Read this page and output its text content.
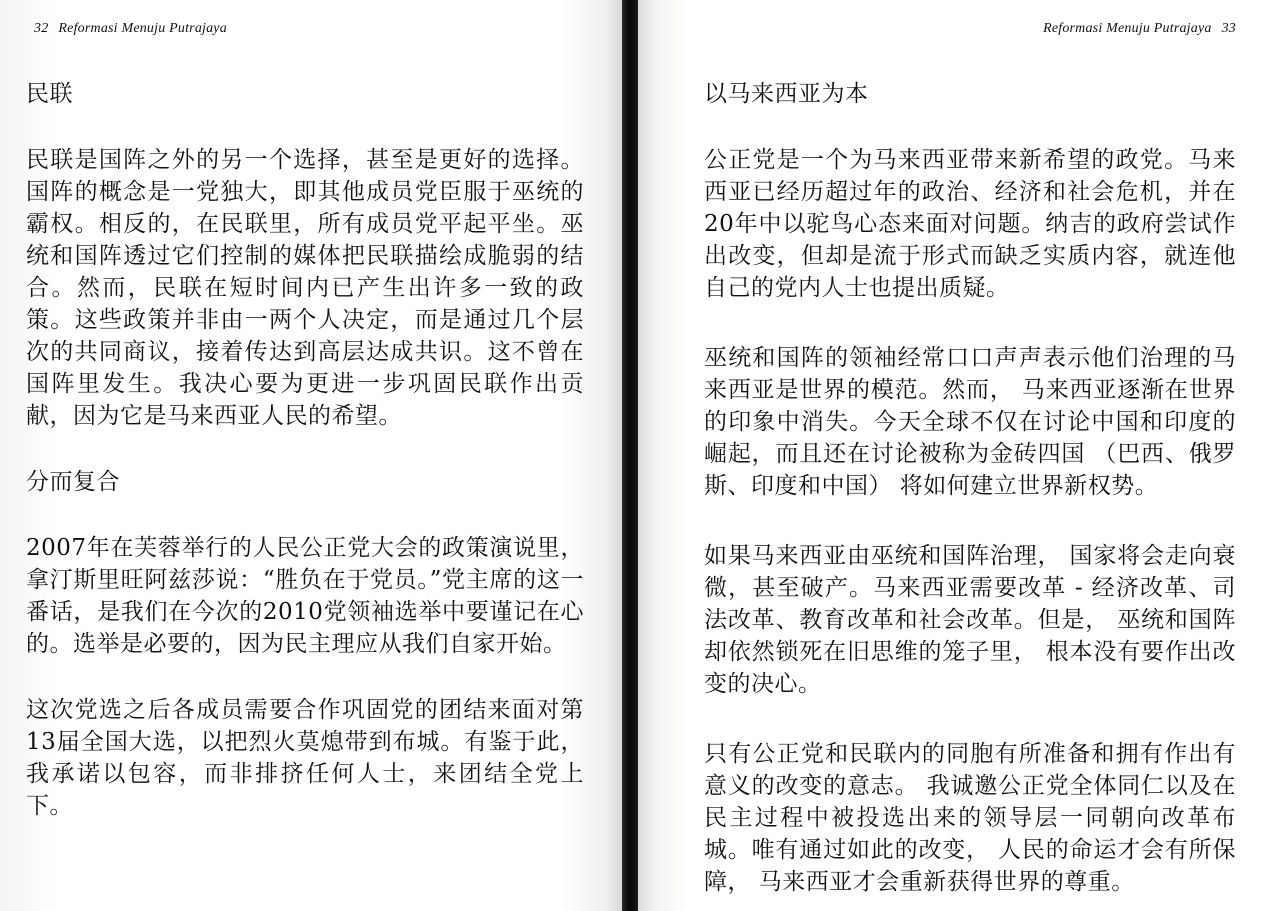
32 Reformasi Menuju Putrajaya
民联

民联是国阵之外的另一个选择，甚至是更好的选择。国阵的概念是一党独大，即其他成员党臣服于巫统的霸权。相反的，在民联里，所有成员党平起平坐。巫统和国阵透过它们控制的媒体把民联描绘成脆弱的结合。然而，民联在短时间内已产生出许多一致的政策。这些政策并非由一两个人决定，而是通过几个层次的共同商议，接着传达到高层达成共识。这不曾在国阵里发生。我决心要为更进一步巩固民联作出贡献，因为它是马来西亚人民的希望。

分而复合

2007年在芙蓉举行的人民公正党大会的政策演说里，拿汀斯里旺阿兹莎说：“胜负在于党员。”党主席的这一番话，是我们在今次的2010党领袖选举中要谨记在心的。选举是必要的，因为民主理应从我们自家开始。

这次党选之后各成员需要合作巩固党的团结来面对第13届全国大选，以把烈火莫熄带到布城。有鉴于此，我承诺以包容，而非排挤任何人士，来团结全党上下。

Reformasi Menuju Putrajaya 33
以马来西亚为本

公正党是一个为马来西亚带来新希望的政党。马来西亚已经历超过年的政治、经济和社会危机，并在20年中以驼鸟心态来面对问题。纳吉的政府尝试作出改变，但却是流于形式而缺乏实质内容，就连他自己的党内人士也提出质疑。

巫统和国阵的领袖经常口口声声表示他们治理的马来西亚是世界的模范。然而， 马来西亚逐渐在世界的印象中消失。今天全球不仅在讨论中国和印度的崛起，而且还在讨论被称为金砖四国 （巴西、俄罗斯、印度和中国） 将如何建立世界新权势。

如果马来西亚由巫统和国阵治理， 国家将会走向衰微，甚至破产。马来西亚需要改革 - 经济改革、司法改革、教育改革和社会改革。但是， 巫统和国阵却依然锁死在旧思维的笼子里， 根本没有要作出改变的决心。

只有公正党和民联内的同胞有所准备和拥有作出有意义的改变的意志。 我诚邀公正党全体同仁以及在民主过程中被投选出来的领导层一同朝向改革布城。唯有通过如此的改变， 人民的命运才会有所保障， 马来西亚才会重新获得世界的尊重。
